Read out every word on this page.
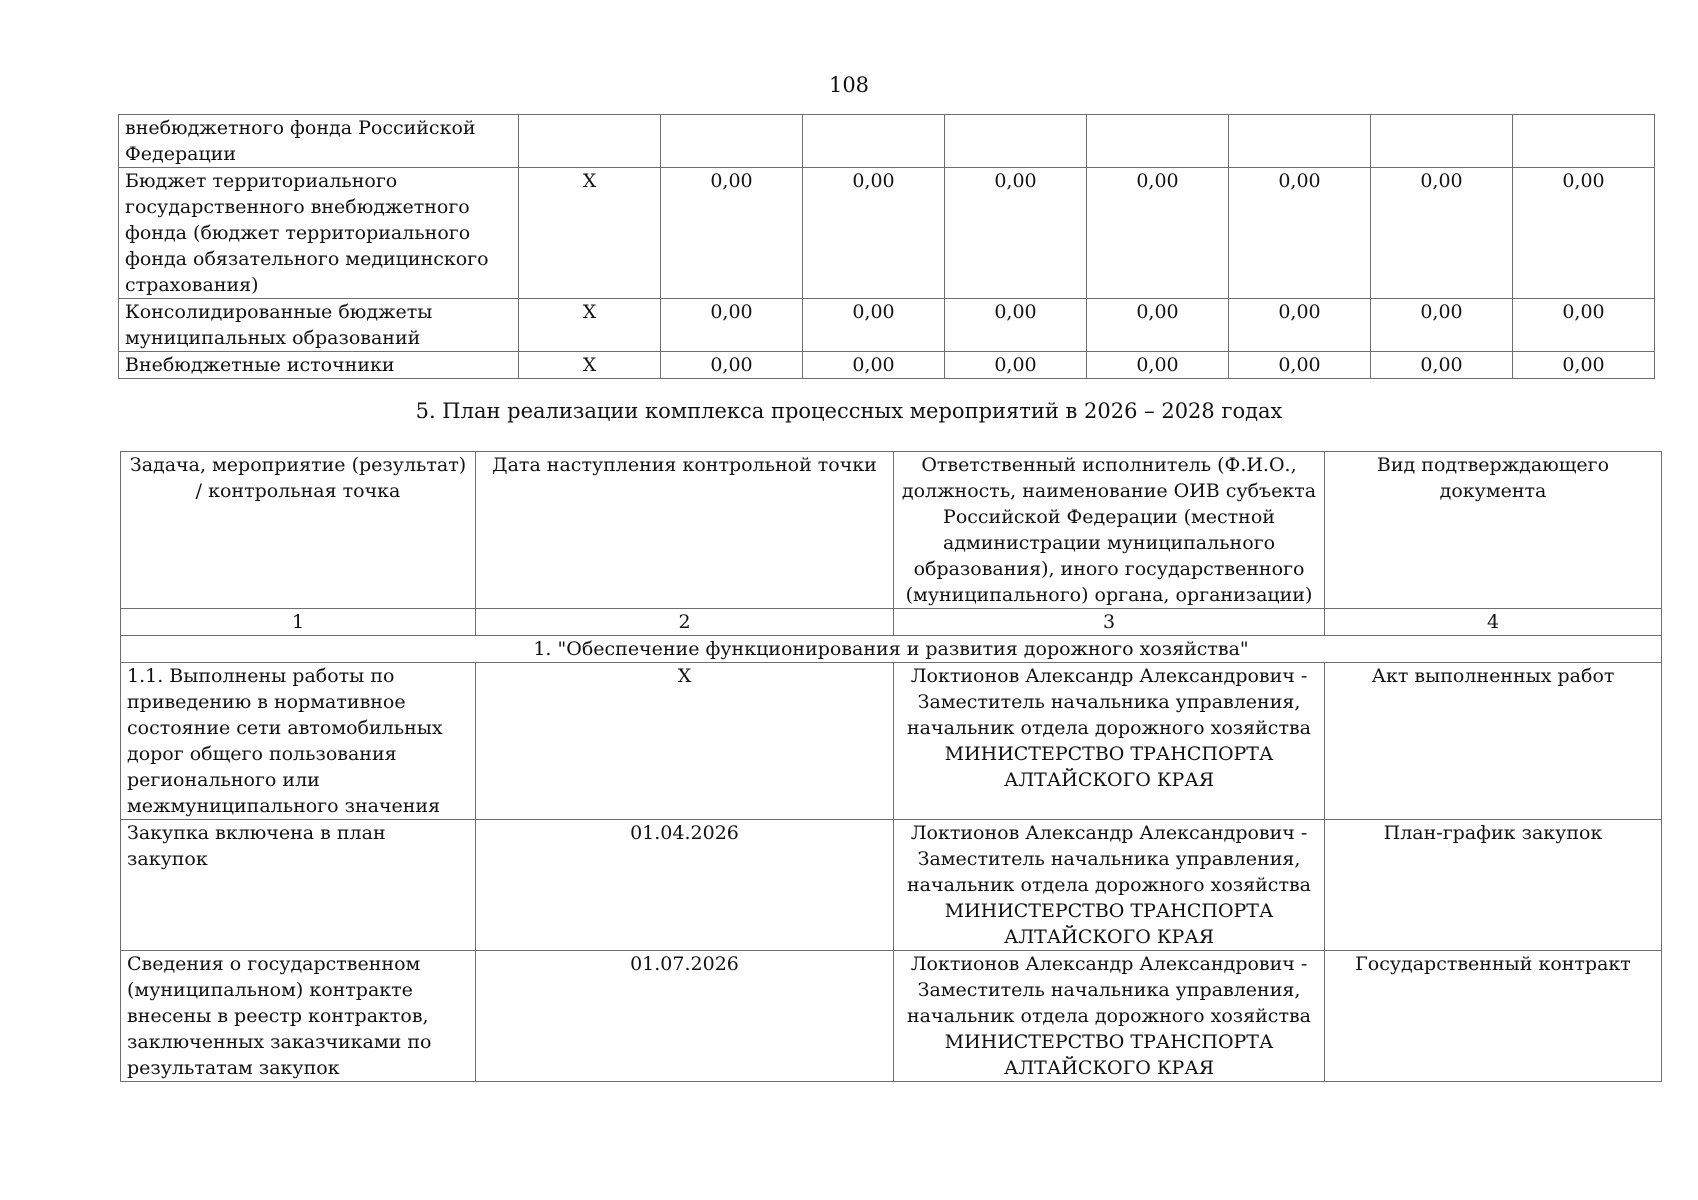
108
внебюджетного фонда Российской Федерации								
Бюджет территориального государственного внебюджетного фонда (бюджет территориального фонда обязательного медицинского страхования)	X	0,00	0,00	0,00	0,00	0,00	0,00	0,00
Консолидированные бюджеты муниципальных образований	X	0,00	0,00	0,00	0,00	0,00	0,00	0,00
Внебюджетные источники	X	0,00	0,00	0,00	0,00	0,00	0,00	0,00
5. План реализации комплекса процессных мероприятий в 2026 – 2028 годах
Задача, мероприятие (результат) / контрольная точка	Дата наступления контрольной точки	Ответственный исполнитель (Ф.И.О., должность, наименование ОИВ субъекта Российской Федерации (местной администрации муниципального образования), иного государственного (муниципального) органа, организации)	Вид подтверждающего документа
1	2	3	4
1. "Обеспечение функционирования и развития дорожного хозяйства"			
1.1. Выполнены работы по приведению в нормативное состояние сети автомобильных дорог общего пользования регионального или межмуниципального значения	X	Локтионов Александр Александрович - Заместитель начальника управления, начальник отдела дорожного хозяйства МИНИСТЕРСТВО ТРАНСПОРТА АЛТАЙСКОГО КРАЯ	Акт выполненных работ
Закупка включена в план закупок	01.04.2026	Локтионов Александр Александрович - Заместитель начальника управления, начальник отдела дорожного хозяйства МИНИСТЕРСТВО ТРАНСПОРТА АЛТАЙСКОГО КРАЯ	План-график закупок
Сведения о государственном (муниципальном) контракте внесены в реестр контрактов, заключенных заказчиками по результатам закупок	01.07.2026	Локтионов Александр Александрович - Заместитель начальника управления, начальник отдела дорожного хозяйства МИНИСТЕРСТВО ТРАНСПОРТА АЛТАЙСКОГО КРАЯ	Государственный контракт
